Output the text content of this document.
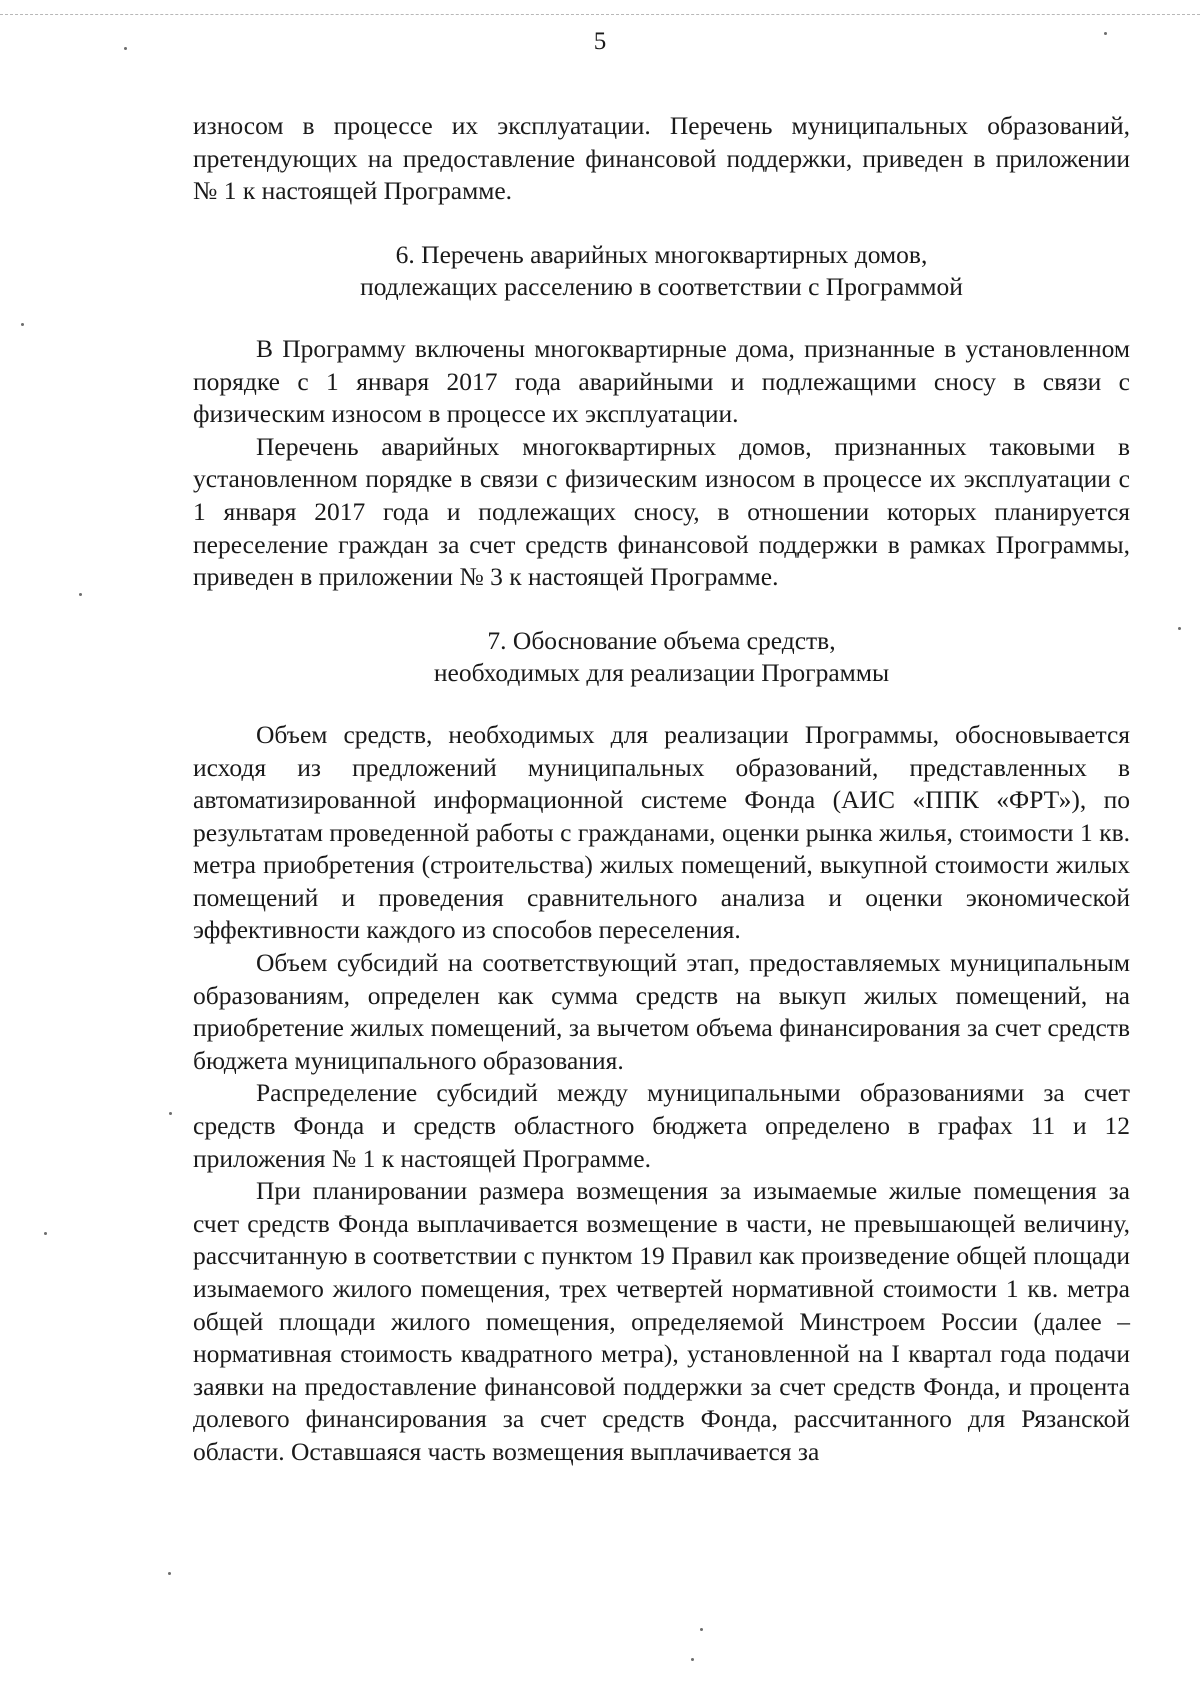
5

износом в процессе их эксплуатации. Перечень муниципальных образований, претендующих на предоставление финансовой поддержки, приведен в приложении № 1 к настоящей Программе.

6. Перечень аварийных многоквартирных домов,
подлежащих расселению в соответствии с Программой

В Программу включены многоквартирные дома, признанные в установленном порядке с 1 января 2017 года аварийными и подлежащими сносу в связи с физическим износом в процессе их эксплуатации.

Перечень аварийных многоквартирных домов, признанных таковыми в установленном порядке в связи с физическим износом в процессе их эксплуатации с 1 января 2017 года и подлежащих сносу, в отношении которых планируется переселение граждан за счет средств финансовой поддержки в рамках Программы, приведен в приложении № 3 к настоящей Программе.

7. Обоснование объема средств,
необходимых для реализации Программы

Объем средств, необходимых для реализации Программы, обосновывается исходя из предложений муниципальных образований, представленных в автоматизированной информационной системе Фонда (АИС «ППК «ФРТ»), по результатам проведенной работы с гражданами, оценки рынка жилья, стоимости 1 кв. метра приобретения (строительства) жилых помещений, выкупной стоимости жилых помещений и проведения сравнительного анализа и оценки экономической эффективности каждого из способов переселения.

Объем субсидий на соответствующий этап, предоставляемых муниципальным образованиям, определен как сумма средств на выкуп жилых помещений, на приобретение жилых помещений, за вычетом объема финансирования за счет средств бюджета муниципального образования.

Распределение субсидий между муниципальными образованиями за счет средств Фонда и средств областного бюджета определено в графах 11 и 12 приложения № 1 к настоящей Программе.

При планировании размера возмещения за изымаемые жилые помещения за счет средств Фонда выплачивается возмещение в части, не превышающей величину, рассчитанную в соответствии с пунктом 19 Правил как произведение общей площади изымаемого жилого помещения, трех четвертей нормативной стоимости 1 кв. метра общей площади жилого помещения, определяемой Минстроем России (далее – нормативная стоимость квадратного метра), установленной на I квартал года подачи заявки на предоставление финансовой поддержки за счет средств Фонда, и процента долевого финансирования за счет средств Фонда, рассчитанного для Рязанской области. Оставшаяся часть возмещения выплачивается за
